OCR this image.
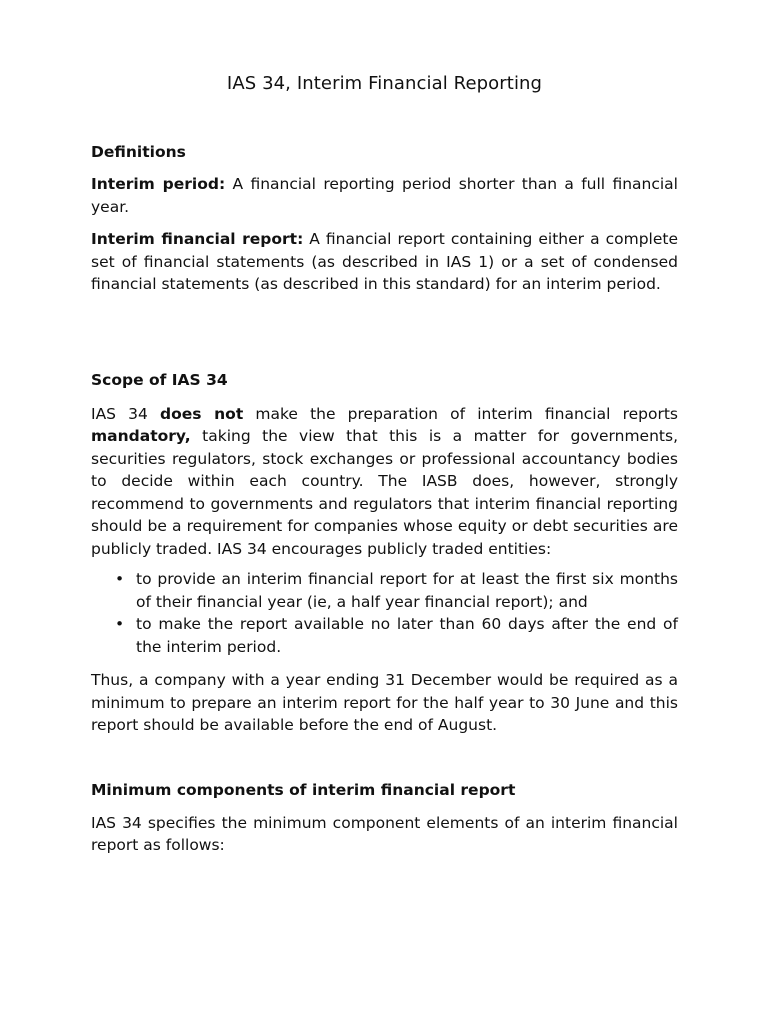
IAS 34, Interim Financial Reporting
Definitions

Interim period: A financial reporting period shorter than a full financial year.

Interim financial report: A financial report containing either a complete set of financial statements (as described in IAS 1) or a set of condensed financial statements (as described in this standard) for an interim period.

Scope of IAS 34

IAS 34 does not make the preparation of interim financial reports mandatory, taking the view that this is a matter for governments, securities regulators, stock exchanges or professional accountancy bodies to decide within each country. The IASB does, however, strongly recommend to governments and regulators that interim financial reporting should be a requirement for companies whose equity or debt securities are publicly traded. IAS 34 encourages publicly traded entities:

• to provide an interim financial report for at least the first six months of their financial year (ie, a half year financial report); and
• to make the report available no later than 60 days after the end of the interim period.

Thus, a company with a year ending 31 December would be required as a minimum to prepare an interim report for the half year to 30 June and this report should be available before the end of August.

Minimum components of interim financial report

IAS 34 specifies the minimum component elements of an interim financial report as follows:
